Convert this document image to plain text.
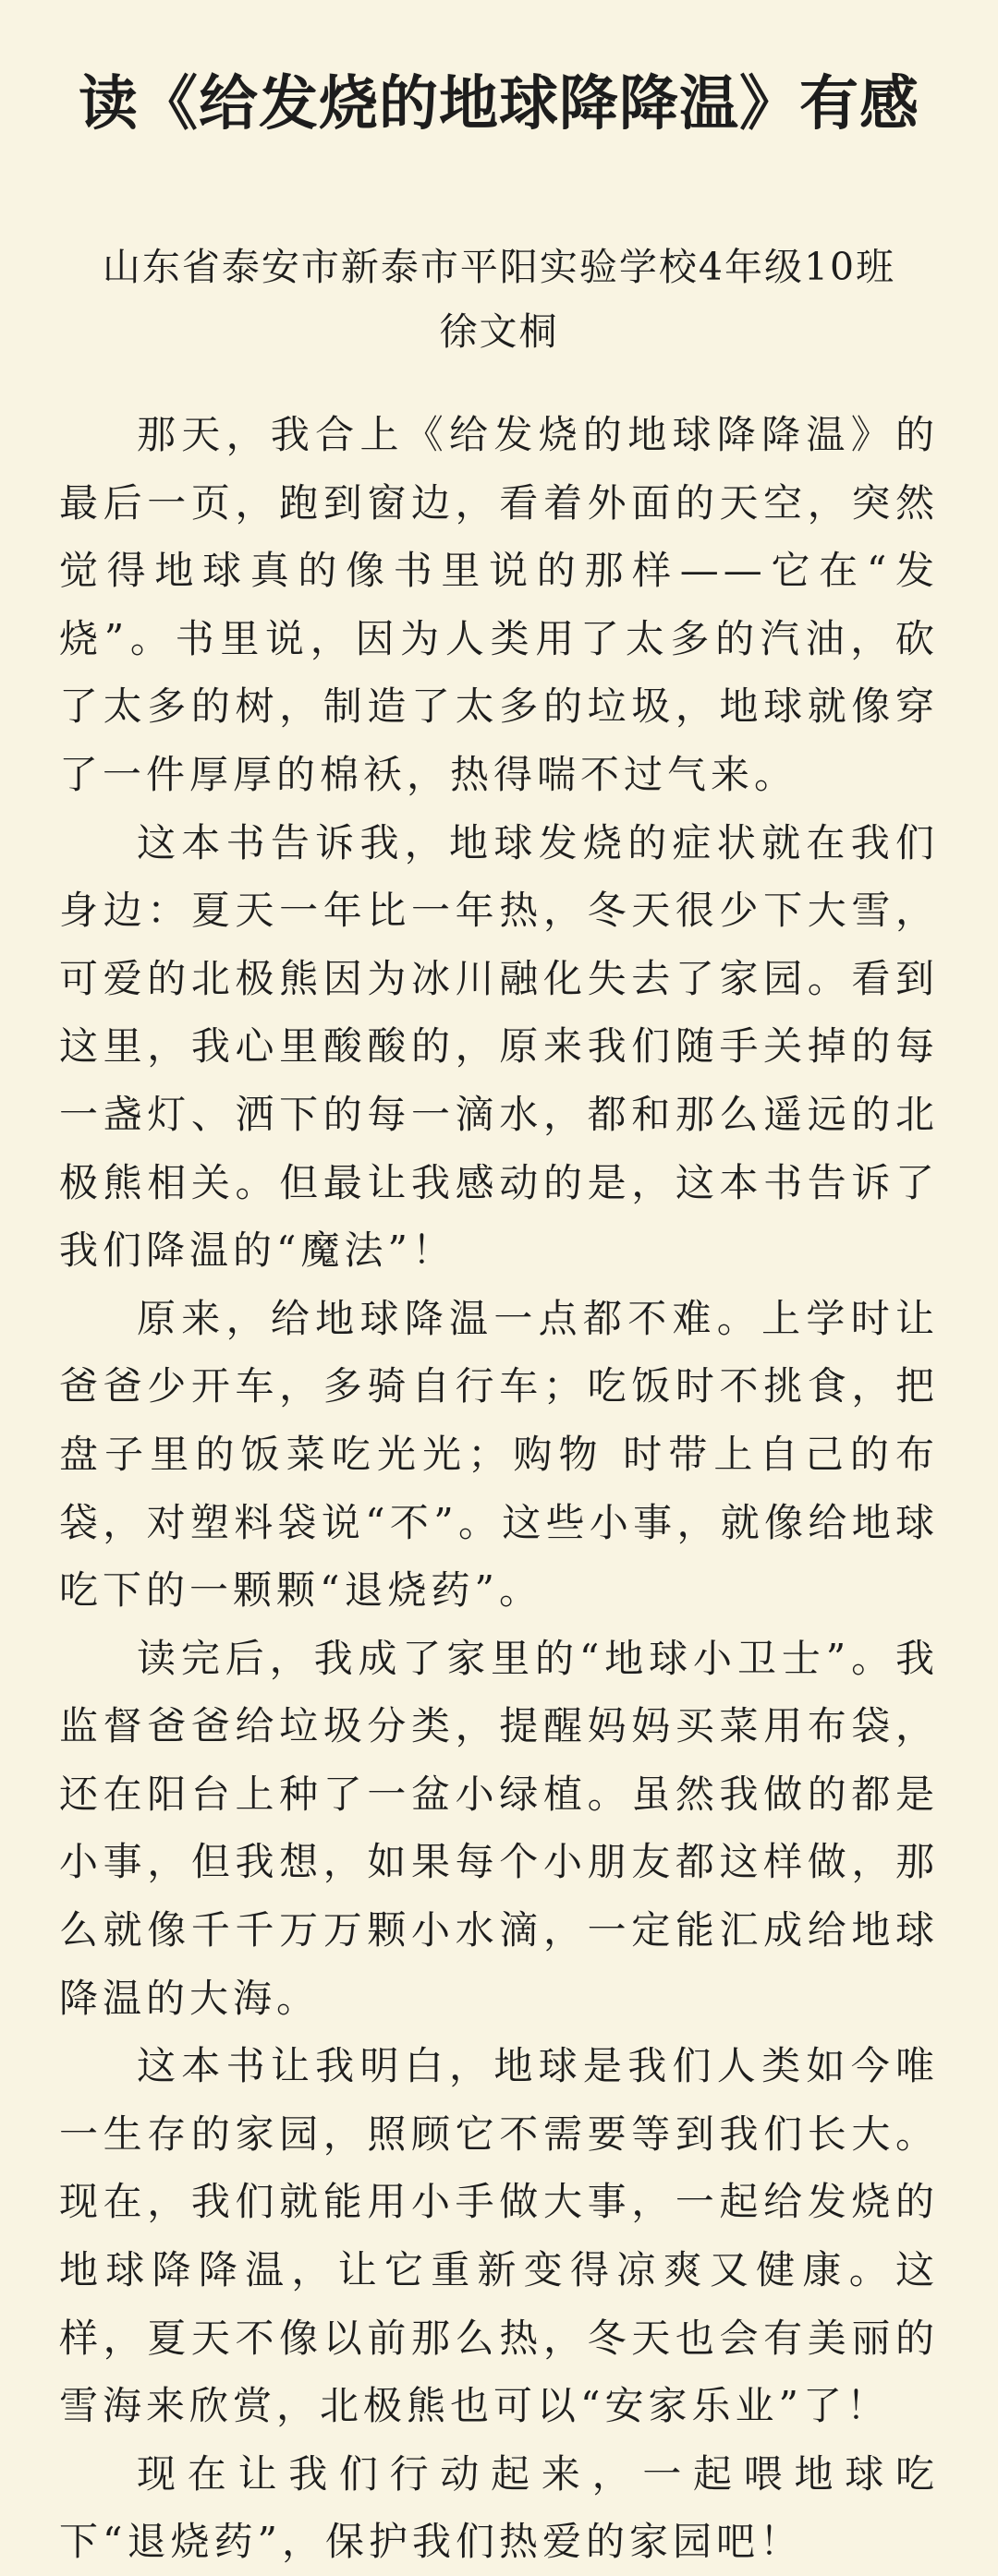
读《给发烧的地球降降温》有感
山东省泰安市新泰市平阳实验学校4年级10班
徐文桐

那天，我合上《给发烧的地球降降温》的最后一页，跑到窗边，看着外面的天空，突然觉得地球真的像书里说的那样——它在“发烧”。书里说，因为人类用了太多的汽油，砍了太多的树，制造了太多的垃圾，地球就像穿了一件厚厚的棉袄，热得喘不过气来。

这本书告诉我，地球发烧的症状就在我们身边：夏天一年比一年热，冬天很少下大雪，可爱的北极熊因为冰川融化失去了家园。看到这里，我心里酸酸的，原来我们随手关掉的每一盏灯、洒下的每一滴水，都和那么遥远的北极熊相关。但最让我感动的是，这本书告诉了我们降温的“魔法”！

原来，给地球降温一点都不难。上学时让爸爸少开车，多骑自行车；吃饭时不挑食，把盘子里的饭菜吃光光；购物 时带上自己的布袋，对塑料袋说“不”。这些小事，就像给地球吃下的一颗颗“退烧药”。

读完后，我成了家里的“地球小卫士”。我监督爸爸给垃圾分类，提醒妈妈买菜用布袋，还在阳台上种了一盆小绿植。虽然我做的都是小事，但我想，如果每个小朋友都这样做，那么就像千千万万颗小水滴，一定能汇成给地球降温的大海。

这本书让我明白，地球是我们人类如今唯一生存的家园，照顾它不需要等到我们长大。现在，我们就能用小手做大事，一起给发烧的地球降降温，让它重新变得凉爽又健康。这样，夏天不像以前那么热，冬天也会有美丽的雪海来欣赏，北极熊也可以“安家乐业”了！

现在让我们行动起来，一起喂地球吃下“退烧药”，保护我们热爱的家园吧！
